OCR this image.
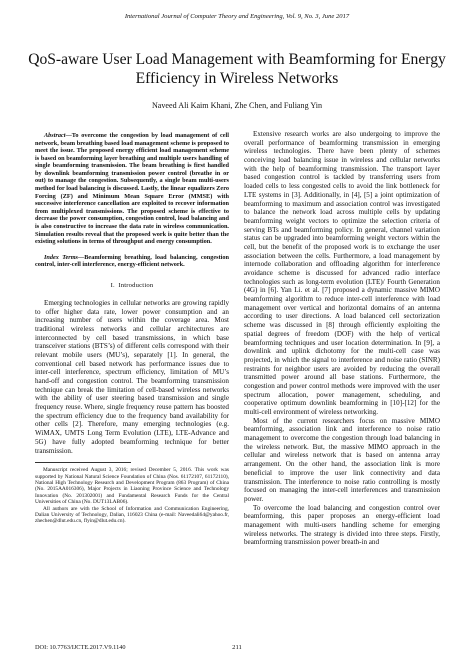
International Journal of Computer Theory and Engineering, Vol. 9, No. 3, June 2017
QoS-aware User Load Management with Beamforming for Energy Efficiency in Wireless Networks
Naveed Ali Kaim Khani, Zhe Chen, and Fuliang Yin

Abstract—To overcome the congestion by load management of cell network, beam breathing based load management scheme is proposed to meet the issue. The proposed energy efficient load management scheme is based on beamforming layer breathing and multiple users handling of single beamforming transmission. The beam breathing is first handled by downlink beamforming transmission power control (breathe in or out) to manage the congestion. Subsequently, a single beam multi-users method for load balancing is discussed. Lastly, the linear equalizers Zero Forcing (ZF) and Minimum Mean Square Error (MMSE) with successive interference cancellation are exploited to recover information from multiplexed transmissions. The proposed scheme is effective to decrease the power consumption, congestion control, load balancing and is also constructive to increase the data rate in wireless communication. Simulation results reveal that the proposed work is quite better than the existing solutions in terms of throughput and energy consumption.

Index Terms—Beamforming breathing, load balancing, congestion control, inter-cell interference, energy-efficient network.

I. Introduction

Emerging technologies in cellular networks are growing rapidly to offer higher data rate, lower power consumption and an increasing number of users within the coverage area. Most traditional wireless networks and cellular architectures are interconnected by cell based transmissions, in which base transceiver stations (BTS’s) of different cells correspond with their relevant mobile users (MU’s), separately [1]. In general, the conventional cell based network has performance issues due to inter-cell interference, spectrum efficiency, limitation of MU’s hand-off and congestion control. The beamforming transmission technique can break the limitation of cell-based wireless networks with the ability of user steering based transmission and single frequency reuse. Where, single frequency reuse pattern has boosted the spectrum efficiency due to the frequency band availability for other cells [2]. Therefore, many emerging technologies (e.g. WiMAX, UMTS Long Term Evolution (LTE), LTE-Advance and 5G) have fully adopted beamforming technique for better transmission.

Manuscript received August 3, 2016; revised December 5, 2016. This work was supported by National Natural Science Foundation of China (Nos. 61172107, 61172110), National High Technology Research and Development Program (863 Program) of China (No. 2015AA016306), Major Projects in Liaoning Province Science and Technology Innovation (No. 201302001) and Fundamental Research Funds for the Central Universities of China (No. DUT13LAB06).

All authors are with the School of Information and Communication Engineering, Dalian University of Technology, Dalian, 116023 China (e-mail: Naveedali64@yahoo.fr, zhechen@dlut.edu.cn, flyin@dlut.edu.cn).

Extensive research works are also undergoing to improve the overall performance of beamforming transmission in emerging wireless technologies. There have been plenty of schemes conceiving load balancing issue in wireless and cellular networks with the help of beamforming transmission. The transport layer based congestion control is tackled by transferring users from loaded cells to less congested cells to avoid the link bottleneck for LTE systems in [3]. Additionally, in [4], [5] a joint optimization of beamforming to maximum and association control was investigated to balance the network load across multiple cells by updating beamforming weight vectors to optimize the selection criteria of serving BTs and beamforming policy. In general, channel variation status can be upgraded into beamforming weight vectors within the cell, but the benefit of the proposed work is to exchange the user association between the cells. Furthermore, a load management by internode collaboration and offloading algorithm for interference avoidance scheme is discussed for advanced radio interface technologies such as long-term evolution (LTE)/ Fourth Generation (4G) in [6]. Yan Li. et al. [7] proposed a dynamic massive MIMO beamforming algorithm to reduce inter-cell interference with load management over vertical and horizontal domains of an antenna according to user directions. A load balanced cell sectorization scheme was discussed in [8] through efficiently exploiting the spatial degrees of freedom (DOF) with the help of vertical beamforming techniques and user location determination. In [9], a downlink and uplink dichotomy for the multi-cell case was projected, in which the signal to interference and noise ratio (SINR) restraints for neighbor users are avoided by reducing the overall transmitted power around all base stations. Furthermore, the congestion and power control methods were improved with the user spectrum allocation, power management, scheduling, and cooperative optimum downlink beamforming in [10]-[12] for the multi-cell environment of wireless networking.

Most of the current researchers focus on massive MIMO beamforming, association link and interference to noise ratio management to overcome the congestion through load balancing in the wireless network. But, the massive MIMO approach in the cellular and wireless network that is based on antenna array arrangement. On the other hand, the association link is more beneficial to improve the user link connectivity and data transmission. The interference to noise ratio controlling is mostly focused on managing the inter-cell interferences and transmission power.

To overcome the load balancing and congestion control over beamforming, this paper proposes an energy-efficient load management with multi-users handling scheme for emerging wireless networks. The strategy is divided into three steps. Firstly, beamforming transmission power breath-in and

DOI: 10.7763/IJCTE.2017.V9.1140	211
